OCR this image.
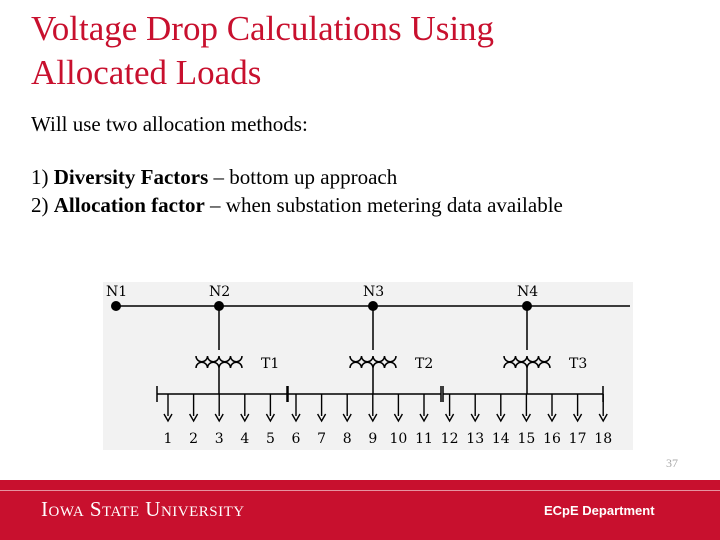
Voltage Drop Calculations Using
Allocated Loads
Will use two allocation methods:
1) Diversity Factors – bottom up approach
2) Allocation factor – when substation metering data available
N1	N2	N3	N4
T1
1 2 3 4 5 6
T2
7 8 9 10 11 12
T3
13 14 15 16 17 18
37
Iowa State University	ECpE Department
